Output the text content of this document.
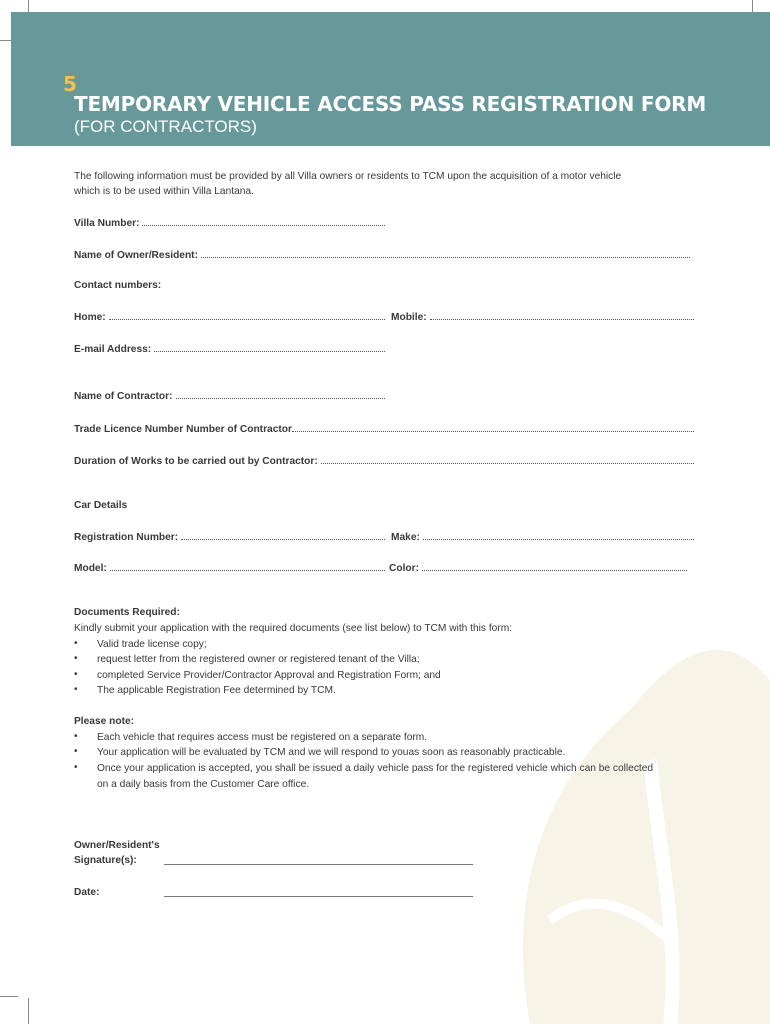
5
TEMPORARY VEHICLE ACCESS PASS REGISTRATION FORM
(FOR CONTRACTORS)
The following information must be provided by all Villa owners or residents to TCM upon the acquisition of a motor vehicle
which is to be used within Villa Lantana.
Villa Number:
Name of Owner/Resident:
Contact numbers:
Home:	Mobile:
E-mail Address:
Name of Contractor:
Trade Licence Number Number of Contractor
Duration of Works to be carried out by Contractor:
Car Details
Registration Number:	Make:
Model:	Color:
Documents Required:
Kindly submit your application with the required documents (see list below) to TCM with this form:
• Valid trade license copy;
• request letter from the registered owner or registered tenant of the Villa;
• completed Service Provider/Contractor Approval and Registration Form; and
• The applicable Registration Fee determined by TCM.
Please note:
• Each vehicle that requires access must be registered on a separate form.
• Your application will be evaluated by TCM and we will respond to youas soon as reasonably practicable.
• Once your application is accepted, you shall be issued a daily vehicle pass for the registered vehicle which can be collected
on a daily basis from the Customer Care office.
Owner/Resident's
Signature(s):
Date:
